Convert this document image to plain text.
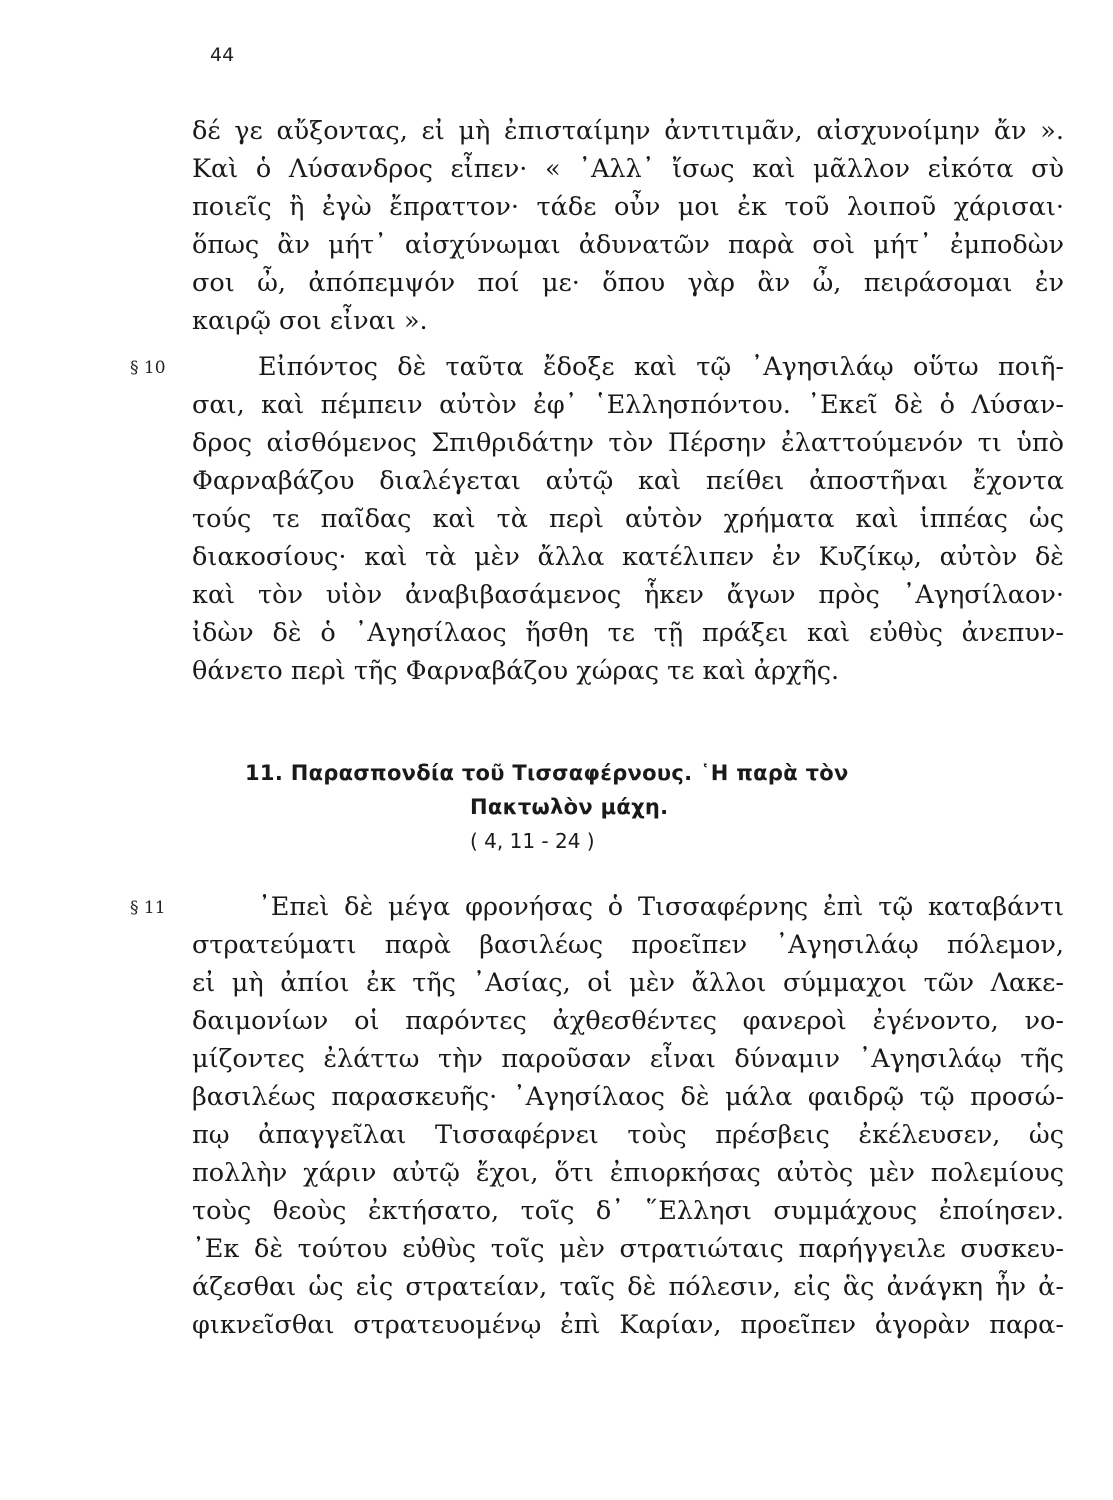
44
δέ γε αὔξοντας, εἰ μὴ ἐπισταίμην ἀντιτιμᾶν, αἰσχυνοίμην ἄν ».
Καὶ ὁ Λύσανδρος εἶπεν· « ᾿Αλλ᾿ ἴσως καὶ μᾶλλον εἰκότα σὺ
ποιεῖς ἢ ἐγὼ ἔπραττον· τάδε οὖν μοι ἐκ τοῦ λοιποῦ χάρισαι·
ὅπως ἂν μήτ᾿ αἰσχύνωμαι ἀδυνατῶν παρὰ σοὶ μήτ᾿ ἐμποδὼν
σοι ὦ, ἀπόπεμψόν ποί με· ὅπου γὰρ ἂν ὦ, πειράσομαι ἐν
καιρῷ σοι εἶναι ».
§ 10	Εἰπόντος δὲ ταῦτα ἔδοξε καὶ τῷ ᾿Αγησιλάῳ οὕτω ποιῆ-
σαι, καὶ πέμπειν αὐτὸν ἐφ᾿ ῾Ελλησπόντου. ᾿Εκεῖ δὲ ὁ Λύσαν-
δρος αἰσθόμενος Σπιθριδάτην τὸν Πέρσην ἐλαττούμενόν τι ὑπὸ
Φαρναβάζου διαλέγεται αὐτῷ καὶ πείθει ἀποστῆναι ἔχοντα
τούς τε παῖδας καὶ τὰ περὶ αὐτὸν χρήματα καὶ ἱππέας ὡς
διακοσίους· καὶ τὰ μὲν ἄλλα κατέλιπεν ἐν Κυζίκῳ, αὐτὸν δὲ
καὶ τὸν υἱὸν ἀναβιβασάμενος ἧκεν ἄγων πρὸς ᾿Αγησίλαον·
ἰδὼν δὲ ὁ ᾿Αγησίλαος ἥσθη τε τῇ πράξει καὶ εὐθὺς ἀνεπυν-
θάνετο περὶ τῆς Φαρναβάζου χώρας τε καὶ ἀρχῆς.
11. Παρασπονδία τοῦ Τισσαφέρνους. ῾Η παρὰ τὸν
Πακτωλὸν μάχη.
( 4, 11 - 24 )
§ 11	᾿Επεὶ δὲ μέγα φρονήσας ὁ Τισσαφέρνης ἐπὶ τῷ καταβάντι
στρατεύματι παρὰ βασιλέως προεῖπεν ᾿Αγησιλάῳ πόλεμον,
εἰ μὴ ἀπίοι ἐκ τῆς ᾿Ασίας, οἱ μὲν ἄλλοι σύμμαχοι τῶν Λακε-
δαιμονίων οἱ παρόντες ἀχθεσθέντες φανεροὶ ἐγένοντο, νο-
μίζοντες ἐλάττω τὴν παροῦσαν εἶναι δύναμιν ᾿Αγησιλάῳ τῆς
βασιλέως παρασκευῆς· ᾿Αγησίλαος δὲ μάλα φαιδρῷ τῷ προσώ-
πῳ ἀπαγγεῖλαι Τισσαφέρνει τοὺς πρέσβεις ἐκέλευσεν, ὡς
πολλὴν χάριν αὐτῷ ἔχοι, ὅτι ἐπιορκήσας αὐτὸς μὲν πολεμίους
τοὺς θεοὺς ἐκτήσατο, τοῖς δ᾿ ῞Ελλησι συμμάχους ἐποίησεν.
᾿Εκ δὲ τούτου εὐθὺς τοῖς μὲν στρατιώταις παρήγγειλε συσκευ-
άζεσθαι ὡς εἰς στρατείαν, ταῖς δὲ πόλεσιν, εἰς ἃς ἀνάγκη ἦν ἀ-
φικνεῖσθαι στρατευομένῳ ἐπὶ Καρίαν, προεῖπεν ἀγορὰν παρα-
